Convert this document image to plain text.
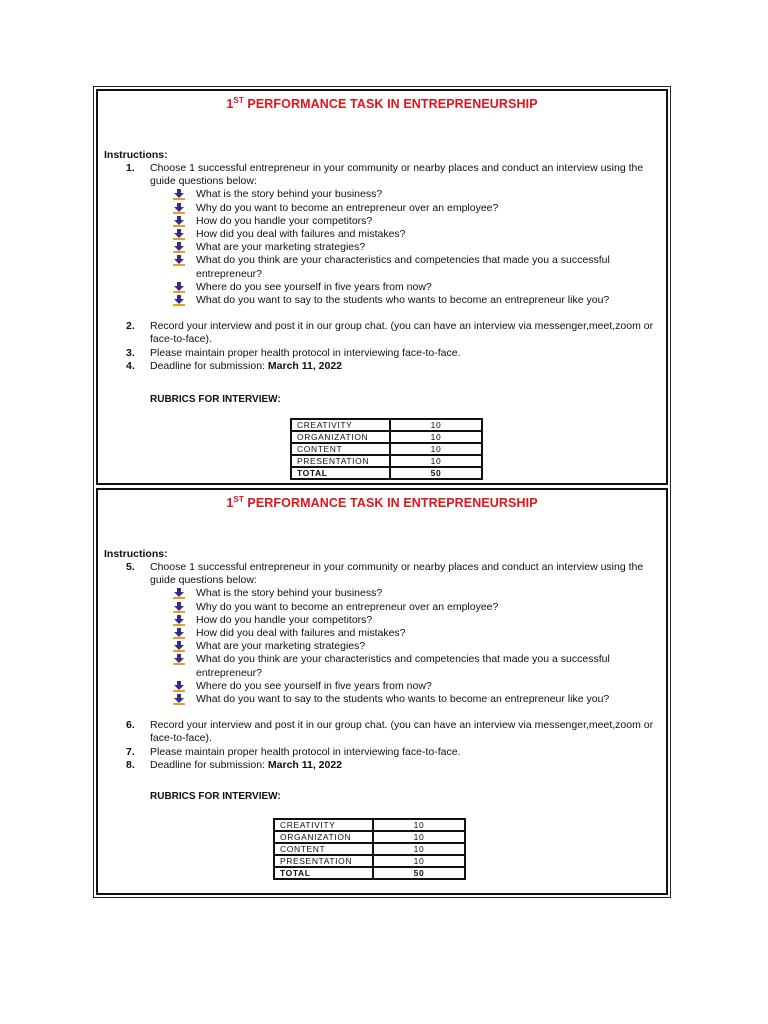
1ST PERFORMANCE TASK IN ENTREPRENEURSHIP
Instructions:
1. Choose 1 successful entrepreneur in your community or nearby places and conduct an interview using the guide questions below:
What is the story behind your business?
Why do you want to become an entrepreneur over an employee?
How do you handle your competitors?
How did you deal with failures and mistakes?
What are your marketing strategies?
What do you think are your characteristics and competencies that made you a successful entrepreneur?
Where do you see yourself in five years from now?
What do you want to say to the students who wants to become an entrepreneur like you?
2. Record your interview and post it in our group chat. (you can have an interview via messenger,meet,zoom or face-to-face).
3. Please maintain proper health protocol in interviewing face-to-face.
4. Deadline for submission: March 11, 2022
RUBRICS FOR INTERVIEW:
CREATIVITY	10
ORGANIZATION	10
CONTENT	10
PRESENTATION	10
TOTAL	50
1ST PERFORMANCE TASK IN ENTREPRENEURSHIP
Instructions:
5. Choose 1 successful entrepreneur in your community or nearby places and conduct an interview using the guide questions below:
What is the story behind your business?
Why do you want to become an entrepreneur over an employee?
How do you handle your competitors?
How did you deal with failures and mistakes?
What are your marketing strategies?
What do you think are your characteristics and competencies that made you a successful entrepreneur?
Where do you see yourself in five years from now?
What do you want to say to the students who wants to become an entrepreneur like you?
6. Record your interview and post it in our group chat. (you can have an interview via messenger,meet,zoom or face-to-face).
7. Please maintain proper health protocol in interviewing face-to-face.
8. Deadline for submission: March 11, 2022
RUBRICS FOR INTERVIEW:
CREATIVITY	10
ORGANIZATION	10
CONTENT	10
PRESENTATION	10
TOTAL	50
